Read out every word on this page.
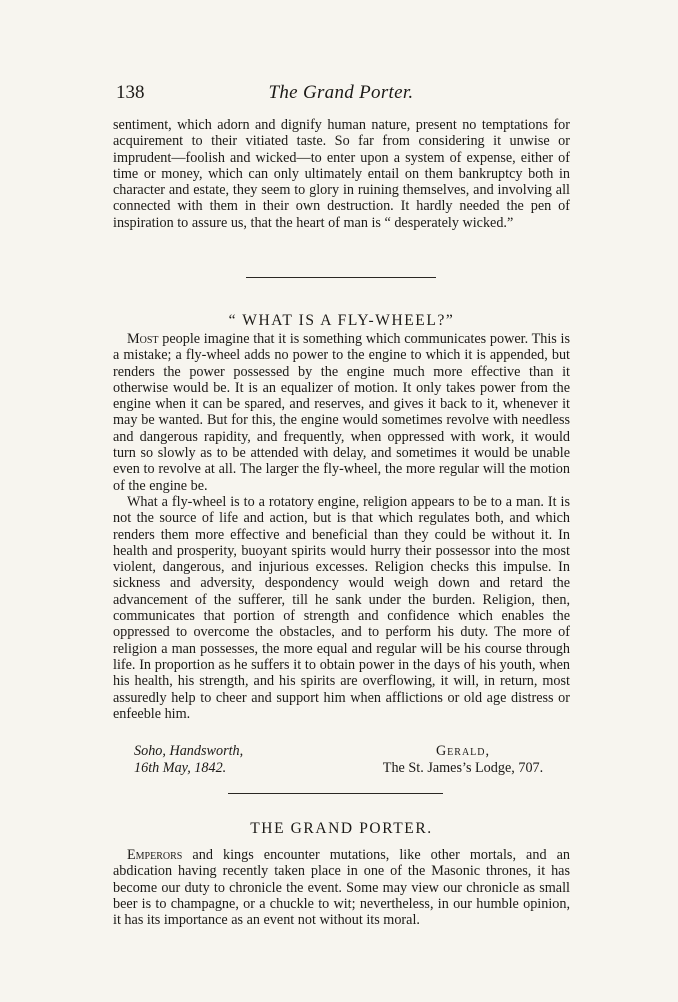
138	The Grand Porter.

sentiment, which adorn and dignify human nature, present no temptations for acquirement to their vitiated taste. So far from considering it unwise or imprudent—foolish and wicked—to enter upon a system of expense, either of time or money, which can only ultimately entail on them bankruptcy both in character and estate, they seem to glory in ruining themselves, and involving all connected with them in their own destruction. It hardly needed the pen of inspiration to assure us, that the heart of man is “ desperately wicked.”

“ WHAT IS A FLY-WHEEL?”

Most people imagine that it is something which communicates power. This is a mistake; a fly-wheel adds no power to the engine to which it is appended, but renders the power possessed by the engine much more effective than it otherwise would be. It is an equalizer of motion. It only takes power from the engine when it can be spared, and reserves, and gives it back to it, whenever it may be wanted. But for this, the engine would sometimes revolve with needless and dangerous rapidity, and frequently, when oppressed with work, it would turn so slowly as to be attended with delay, and sometimes it would be unable even to revolve at all. The larger the fly-wheel, the more regular will the motion of the engine be.

What a fly-wheel is to a rotatory engine, religion appears to be to a man. It is not the source of life and action, but is that which regulates both, and which renders them more effective and beneficial than they could be without it. In health and prosperity, buoyant spirits would hurry their possessor into the most violent, dangerous, and injurious excesses. Religion checks this impulse. In sickness and adversity, despondency would weigh down and retard the advancement of the sufferer, till he sank under the burden. Religion, then, communicates that portion of strength and confidence which enables the oppressed to overcome the obstacles, and to perform his duty. The more of religion a man possesses, the more equal and regular will be his course through life. In proportion as he suffers it to obtain power in the days of his youth, when his health, his strength, and his spirits are overflowing, it will, in return, most assuredly help to cheer and support him when afflictions or old age distress or enfeeble him.

Soho, Handsworth,
16th May, 1842.
Gerald,
The St. James’s Lodge, 707.
THE GRAND PORTER.

Emperors and kings encounter mutations, like other mortals, and an abdication having recently taken place in one of the Masonic thrones, it has become our duty to chronicle the event. Some may view our chronicle as small beer is to champagne, or a chuckle to wit; nevertheless, in our humble opinion, it has its importance as an event not without its moral.
